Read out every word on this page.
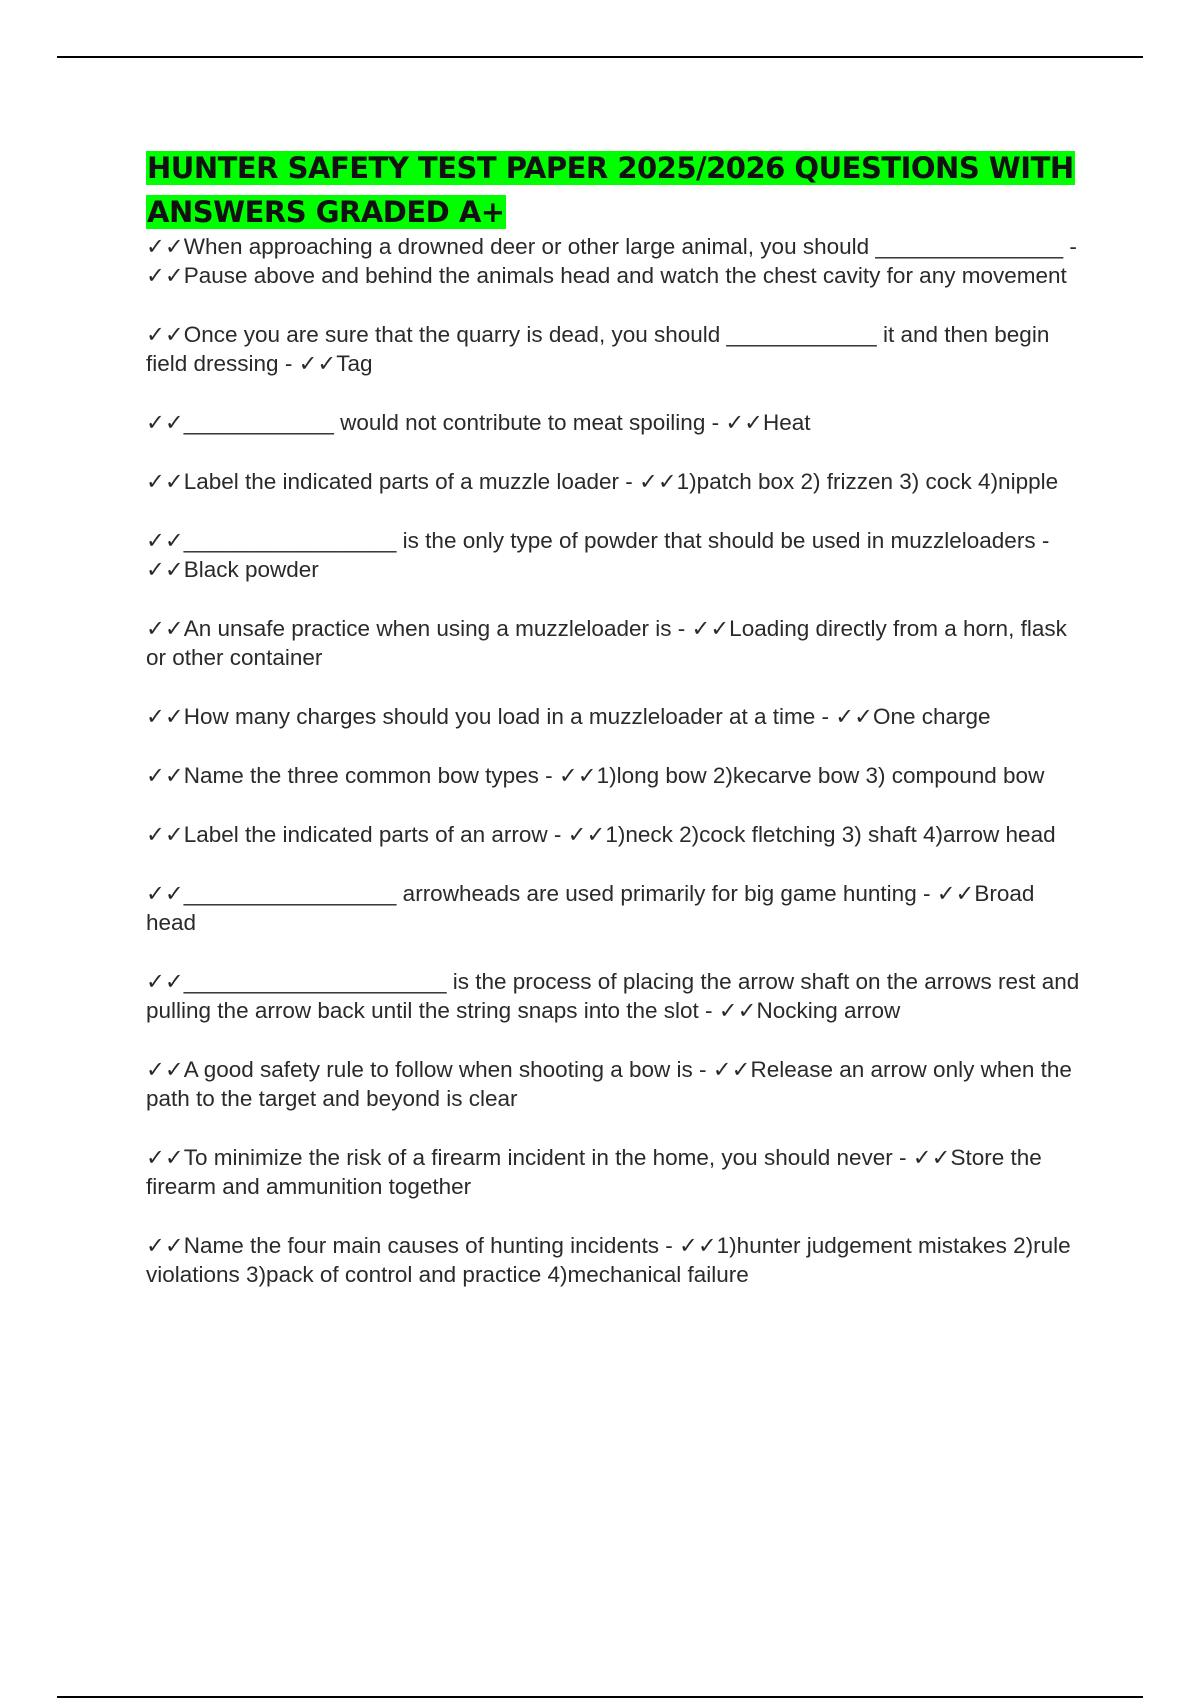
HUNTER SAFETY TEST PAPER 2025/2026 QUESTIONS WITH ANSWERS GRADED A+

✓✓When approaching a drowned deer or other large animal, you should _______________ - ✓✓Pause above and behind the animals head and watch the chest cavity for any movement

✓✓Once you are sure that the quarry is dead, you should ____________ it and then begin field dressing - ✓✓Tag

✓✓____________ would not contribute to meat spoiling - ✓✓Heat

✓✓Label the indicated parts of a muzzle loader - ✓✓1)patch box 2) frizzen 3) cock 4)nipple

✓✓_________________ is the only type of powder that should be used in muzzleloaders - ✓✓Black powder

✓✓An unsafe practice when using a muzzleloader is - ✓✓Loading directly from a horn, flask or other container

✓✓How many charges should you load in a muzzleloader at a time - ✓✓One charge

✓✓Name the three common bow types - ✓✓1)long bow 2)kecarve bow 3) compound bow

✓✓Label the indicated parts of an arrow - ✓✓1)neck 2)cock fletching 3) shaft 4)arrow head

✓✓_________________ arrowheads are used primarily for big game hunting - ✓✓Broad head

✓✓_____________________ is the process of placing the arrow shaft on the arrows rest and pulling the arrow back until the string snaps into the slot - ✓✓Nocking arrow

✓✓A good safety rule to follow when shooting a bow is - ✓✓Release an arrow only when the path to the target and beyond is clear

✓✓To minimize the risk of a firearm incident in the home, you should never - ✓✓Store the firearm and ammunition together

✓✓Name the four main causes of hunting incidents - ✓✓1)hunter judgement mistakes 2)rule violations 3)pack of control and practice 4)mechanical failure
